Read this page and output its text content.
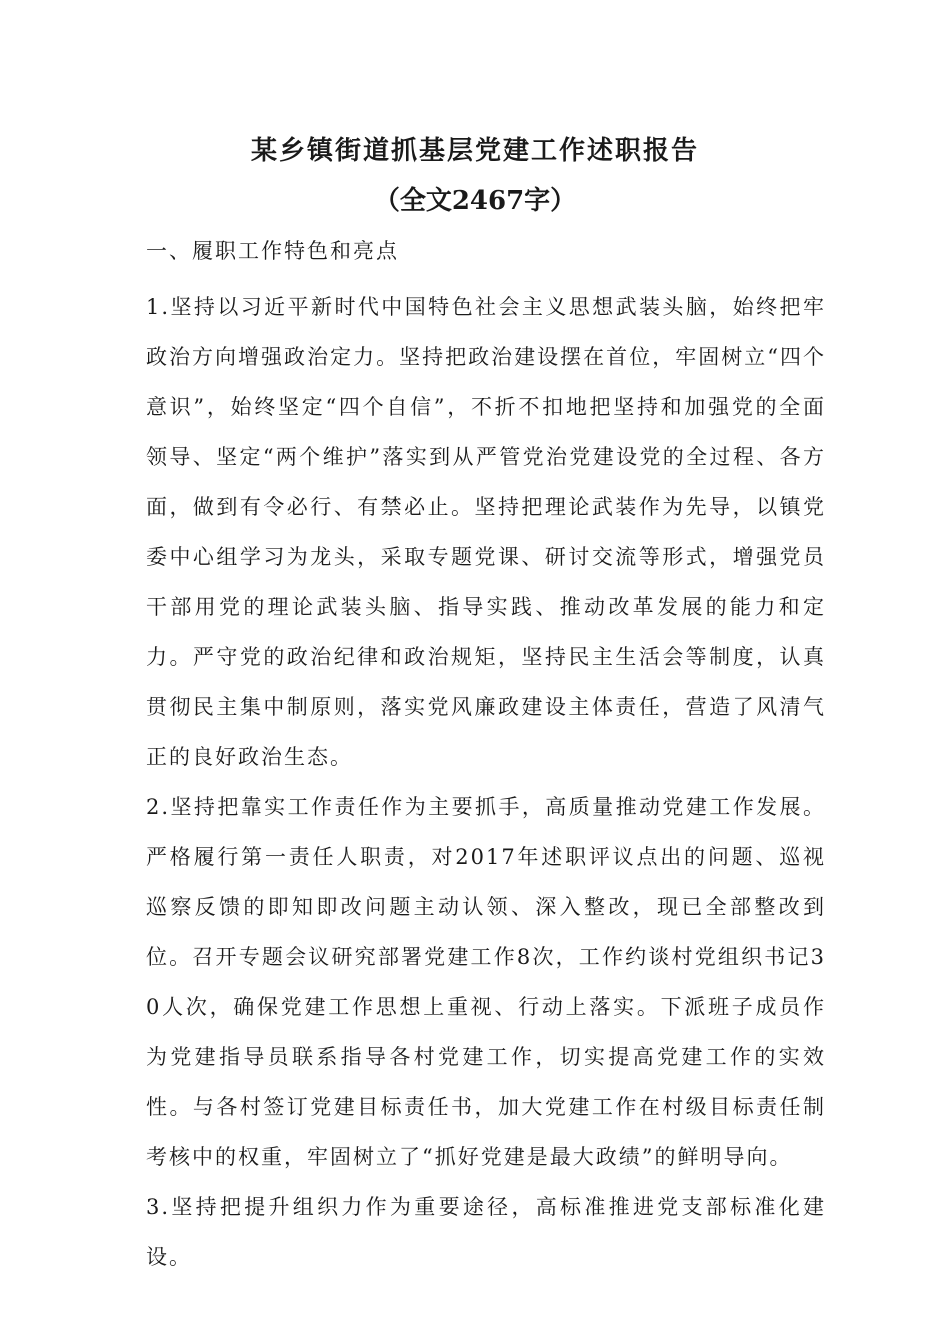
某乡镇街道抓基层党建工作述职报告
（全文2467字）
一、履职工作特色和亮点

1.坚持以习近平新时代中国特色社会主义思想武装头脑，始终把牢政治方向增强政治定力。坚持把政治建设摆在首位，牢固树立“四个意识”，始终坚定“四个自信”，不折不扣地把坚持和加强党的全面领导、坚定“两个维护”落实到从严管党治党建设党的全过程、各方面，做到有令必行、有禁必止。坚持把理论武装作为先导，以镇党委中心组学习为龙头，采取专题党课、研讨交流等形式，增强党员干部用党的理论武装头脑、指导实践、推动改革发展的能力和定力。严守党的政治纪律和政治规矩，坚持民主生活会等制度，认真贯彻民主集中制原则，落实党风廉政建设主体责任，营造了风清气正的良好政治生态。

2.坚持把靠实工作责任作为主要抓手，高质量推动党建工作发展。严格履行第一责任人职责，对2017年述职评议点出的问题、巡视巡察反馈的即知即改问题主动认领、深入整改，现已全部整改到位。召开专题会议研究部署党建工作8次，工作约谈村党组织书记30人次，确保党建工作思想上重视、行动上落实。下派班子成员作为党建指导员联系指导各村党建工作，切实提高党建工作的实效性。与各村签订党建目标责任书，加大党建工作在村级目标责任制考核中的权重，牢固树立了“抓好党建是最大政绩”的鲜明导向。

3.坚持把提升组织力作为重要途径，高标准推进党支部标准化建设。
